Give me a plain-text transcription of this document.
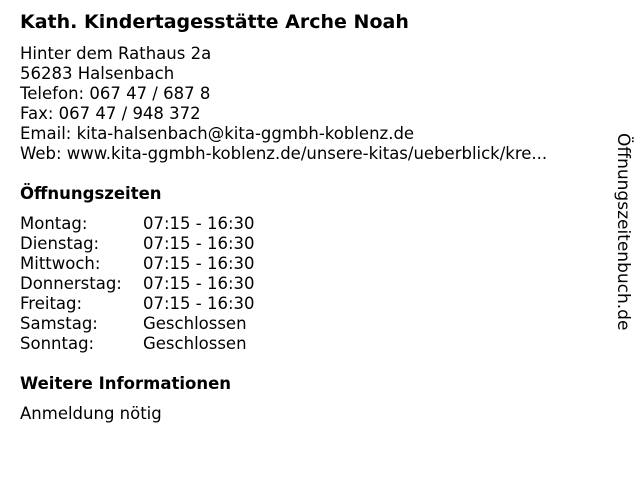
Kath. Kindertagesstätte Arche Noah
Hinter dem Rathaus 2a
56283 Halsenbach
Telefon: 067 47 / 687 8
Fax: 067 47 / 948 372
Email: kita-halsenbach@kita-ggmbh-koblenz.de
Web: www.kita-ggmbh-koblenz.de/unsere-kitas/ueberblick/kre...
Öffnungszeiten
Montag:	07:15 - 16:30
Dienstag:	07:15 - 16:30
Mittwoch:	07:15 - 16:30
Donnerstag: 07:15 - 16:30
Freitag:	07:15 - 16:30
Samstag:	Geschlossen
Sonntag:	Geschlossen
Weitere Informationen
Anmeldung nötig
Öffnungszeitenbuch.de
